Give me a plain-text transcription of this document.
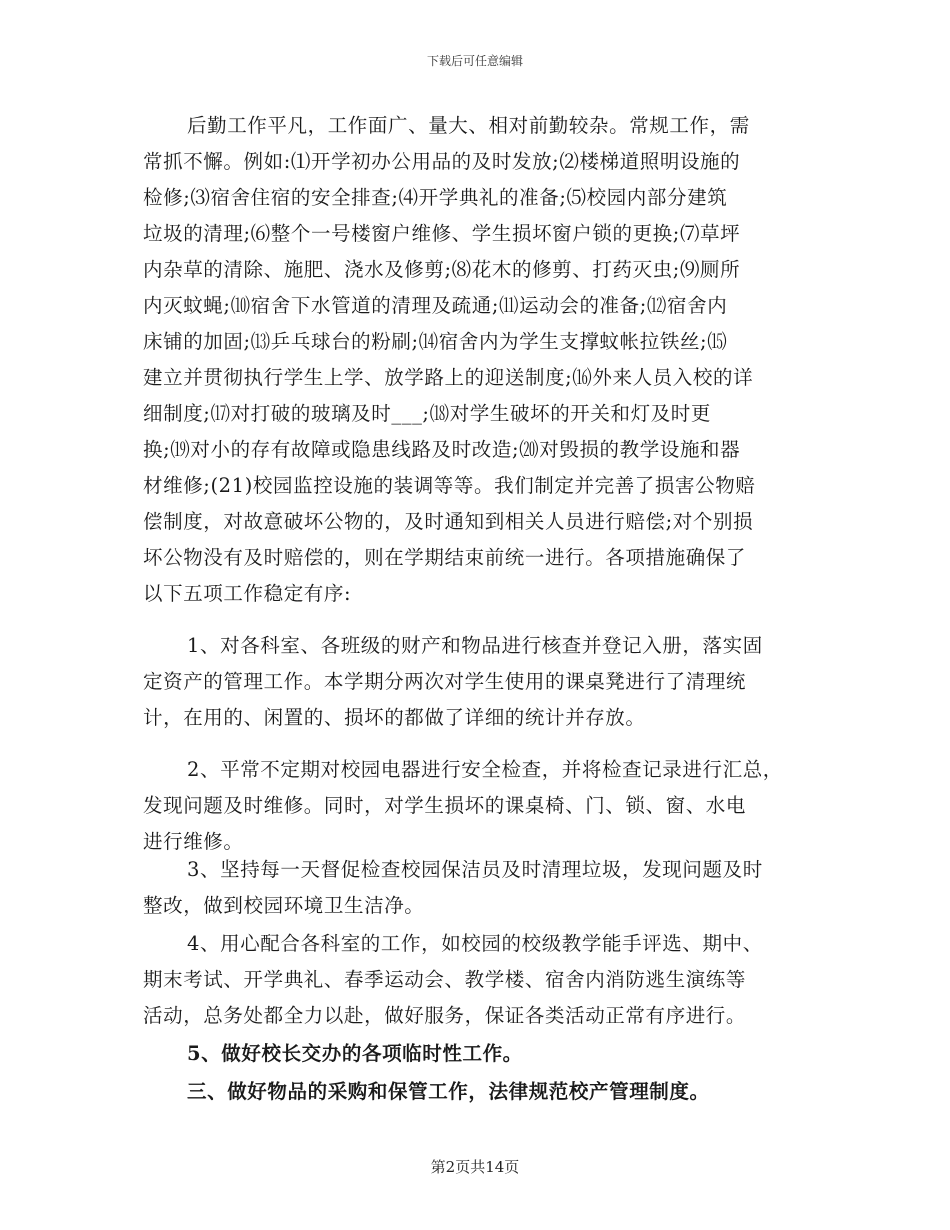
下载后可任意编辑
后勤工作平凡，工作面广、量大、相对前勤较杂。常规工作，需
常抓不懈。例如:⑴开学初办公用品的及时发放;⑵楼梯道照明设施的
检修;⑶宿舍住宿的安全排查;⑷开学典礼的准备;⑸校园内部分建筑
垃圾的清理;⑹整个一号楼窗户维修、学生损坏窗户锁的更换;⑺草坪
内杂草的清除、施肥、浇水及修剪;⑻花木的修剪、打药灭虫;⑼厕所
内灭蚊蝇;⑽宿舍下水管道的清理及疏通;⑾运动会的准备;⑿宿舍内
床铺的加固;⒀乒乓球台的粉刷;⒁宿舍内为学生支撑蚊帐拉铁丝;⒂
建立并贯彻执行学生上学、放学路上的迎送制度;⒃外来人员入校的详
细制度;⒄对打破的玻璃及时___;⒅对学生破坏的开关和灯及时更
换;⒆对小的存有故障或隐患线路及时改造;⒇对毁损的教学设施和器
材维修;(21)校园监控设施的装调等等。我们制定并完善了损害公物赔
偿制度，对故意破坏公物的，及时通知到相关人员进行赔偿;对个别损
坏公物没有及时赔偿的，则在学期结束前统一进行。各项措施确保了
以下五项工作稳定有序:
1、对各科室、各班级的财产和物品进行核查并登记入册，落实固
定资产的管理工作。本学期分两次对学生使用的课桌凳进行了清理统
计，在用的、闲置的、损坏的都做了详细的统计并存放。
2、平常不定期对校园电器进行安全检查，并将检查记录进行汇总，
发现问题及时维修。同时，对学生损坏的课桌椅、门、锁、窗、水电
进行维修。
3、坚持每一天督促检查校园保洁员及时清理垃圾，发现问题及时
整改，做到校园环境卫生洁净。
4、用心配合各科室的工作，如校园的校级教学能手评选、期中、
期末考试、开学典礼、春季运动会、教学楼、宿舍内消防逃生演练等
活动，总务处都全力以赴，做好服务，保证各类活动正常有序进行。
5、做好校长交办的各项临时性工作。
三、做好物品的采购和保管工作，法律规范校产管理制度。
第2页共14页
